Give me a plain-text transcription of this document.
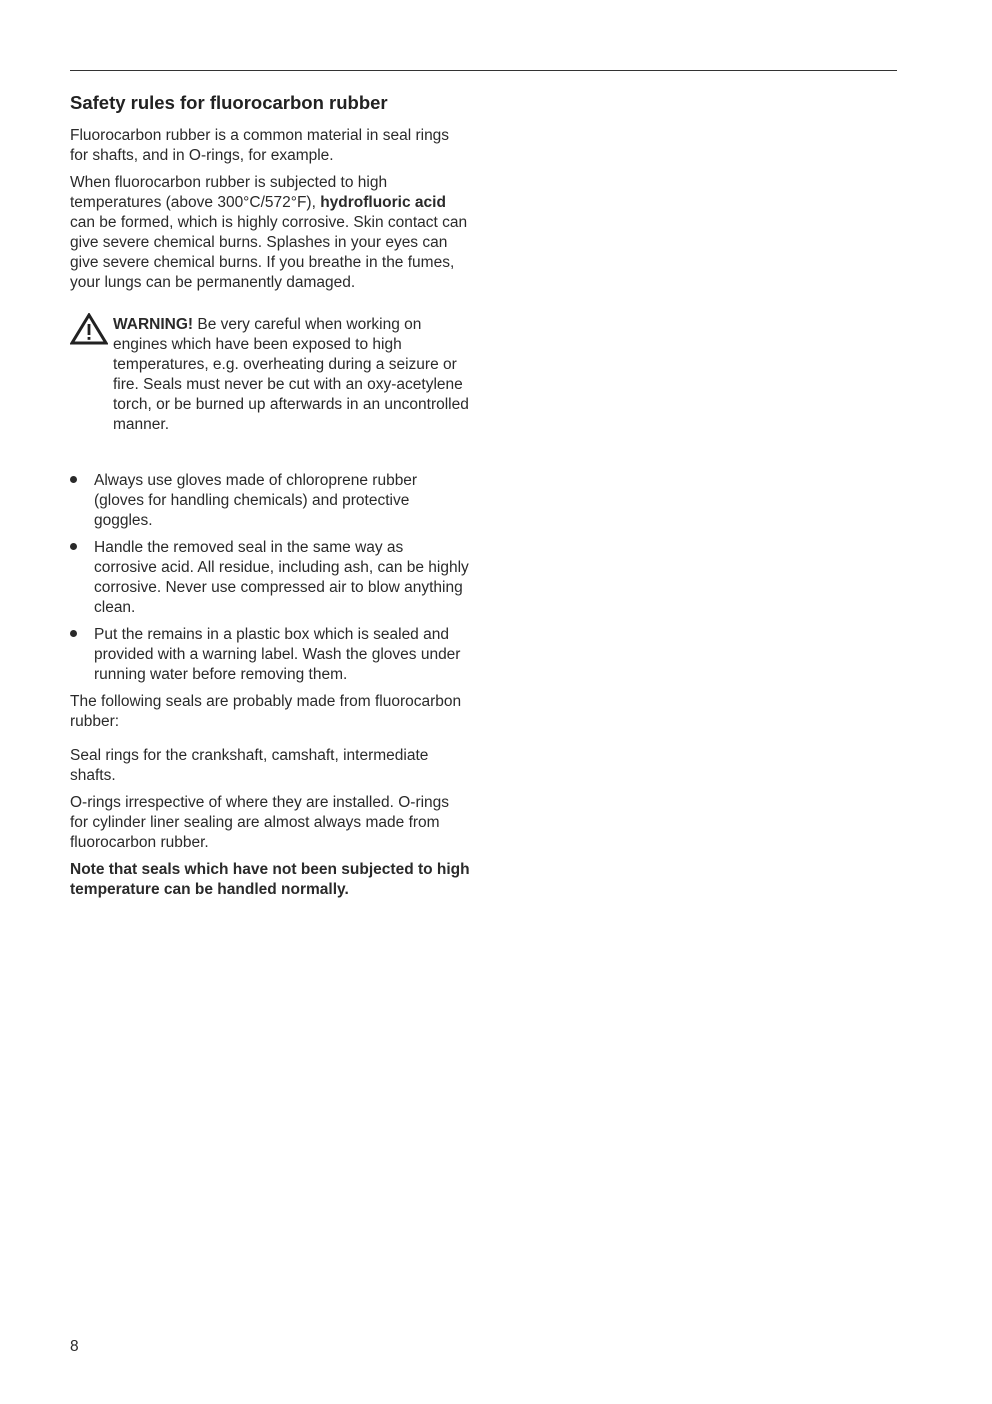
Safety rules for fluorocarbon rubber

Fluorocarbon rubber is a common material in seal rings for shafts, and in O-rings, for example.

When fluorocarbon rubber is subjected to high temperatures (above 300°C/572°F), hydrofluoric acid can be formed, which is highly corrosive. Skin contact can give severe chemical burns. Splashes in your eyes can give severe chemical burns. If you breathe in the fumes, your lungs can be permanently damaged.

WARNING! Be very careful when working on engines which have been exposed to high temperatures, e.g. overheating during a seizure or fire. Seals must never be cut with an oxy-acetylene torch, or be burned up afterwards in an uncontrolled manner.
Always use gloves made of chloroprene rubber (gloves for handling chemicals) and protective goggles.
Handle the removed seal in the same way as corrosive acid. All residue, including ash, can be highly corrosive. Never use compressed air to blow anything clean.
Put the remains in a plastic box which is sealed and provided with a warning label. Wash the gloves under running water before removing them.

The following seals are probably made from fluorocarbon rubber:

Seal rings for the crankshaft, camshaft, intermediate shafts.

O-rings irrespective of where they are installed. O-rings for cylinder liner sealing are almost always made from fluorocarbon rubber.

Note that seals which have not been subjected to high temperature can be handled normally.

8
